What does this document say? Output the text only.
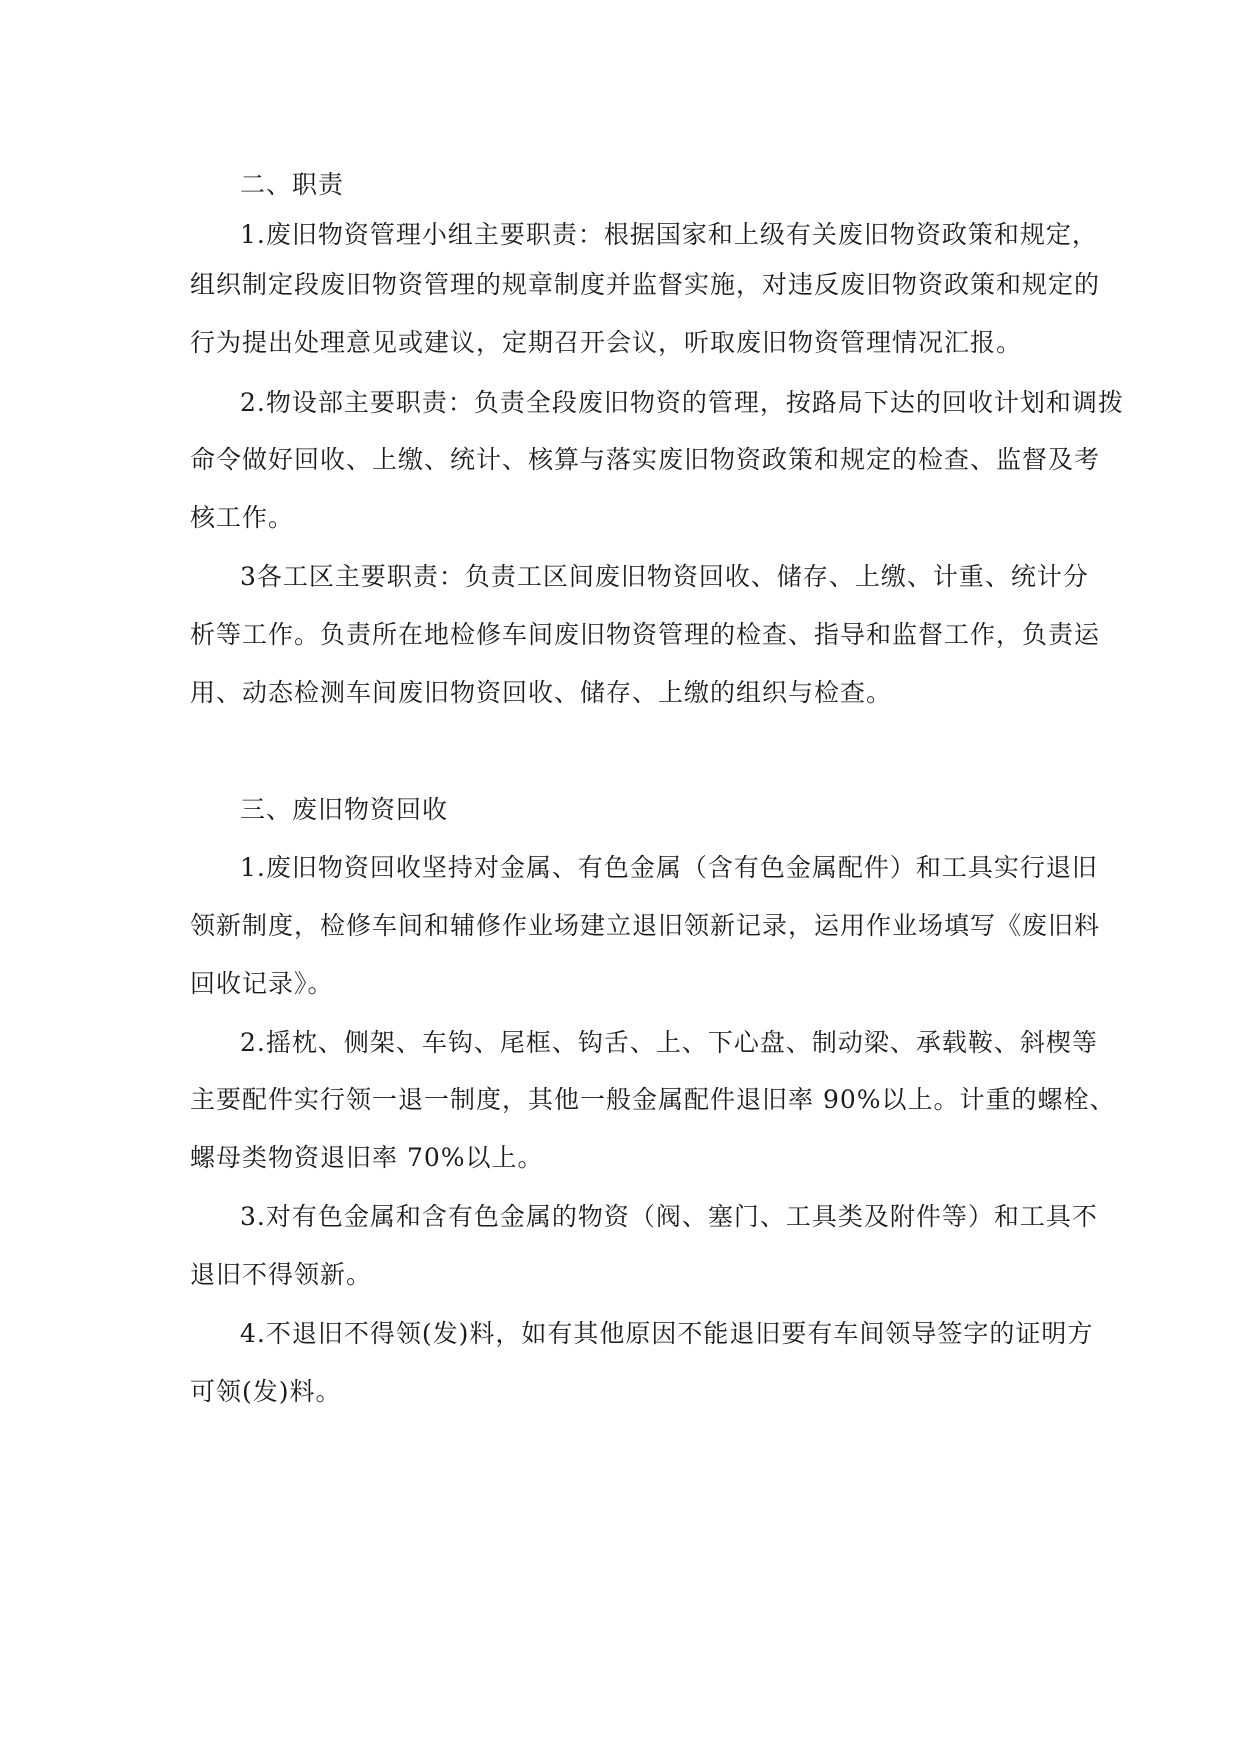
二、职责
1.废旧物资管理小组主要职责：根据国家和上级有关废旧物资政策和规定，
组织制定段废旧物资管理的规章制度并监督实施，对违反废旧物资政策和规定的
行为提出处理意见或建议，定期召开会议，听取废旧物资管理情况汇报。
2.物设部主要职责：负责全段废旧物资的管理，按路局下达的回收计划和调拨
命令做好回收、上缴、统计、核算与落实废旧物资政策和规定的检查、监督及考
核工作。
3各工区主要职责：负责工区间废旧物资回收、储存、上缴、计重、统计分
析等工作。负责所在地检修车间废旧物资管理的检查、指导和监督工作，负责运
用、动态检测车间废旧物资回收、储存、上缴的组织与检查。
三、废旧物资回收
1.废旧物资回收坚持对金属、有色金属（含有色金属配件）和工具实行退旧
领新制度，检修车间和辅修作业场建立退旧领新记录，运用作业场填写《废旧料
回收记录》。
2.摇枕、侧架、车钩、尾框、钩舌、上、下心盘、制动梁、承载鞍、斜楔等
主要配件实行领一退一制度，其他一般金属配件退旧率 90%以上。计重的螺栓、
螺母类物资退旧率 70%以上。
3.对有色金属和含有色金属的物资（阀、塞门、工具类及附件等）和工具不
退旧不得领新。
4.不退旧不得领(发)料，如有其他原因不能退旧要有车间领导签字的证明方
可领(发)料。
